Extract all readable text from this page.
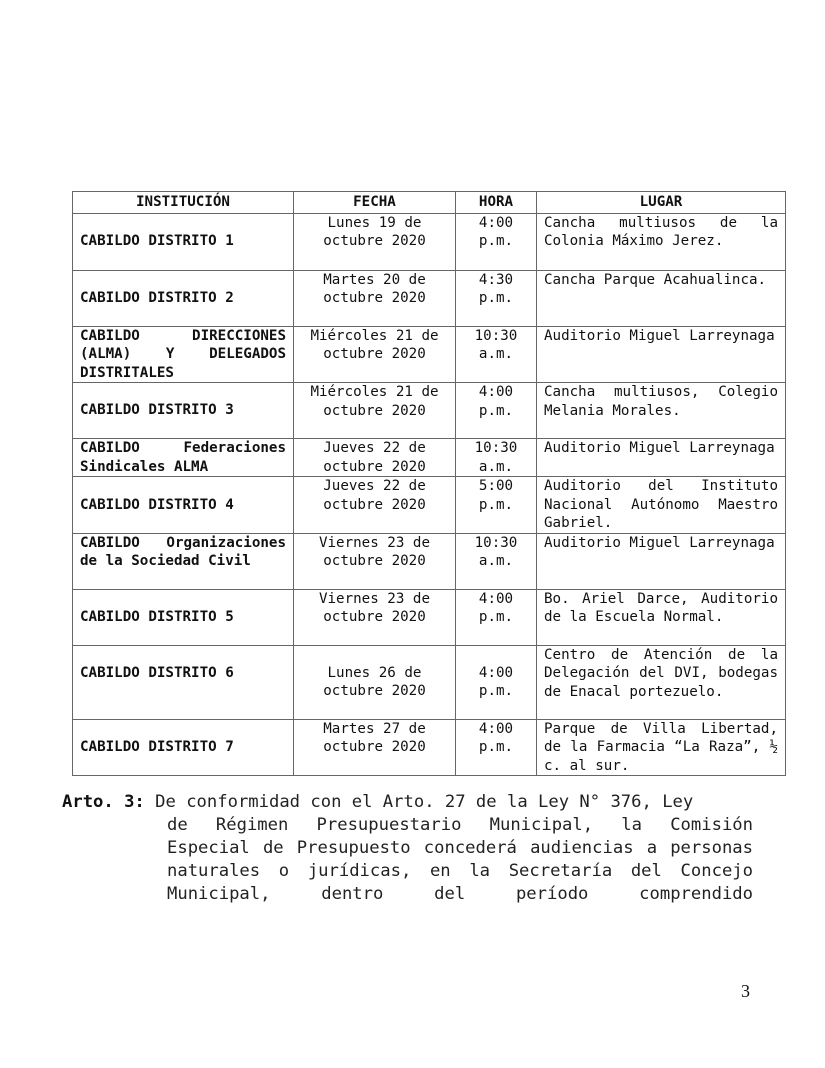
INSTITUCIÓN	FECHA	HORA	LUGAR
CABILDO DISTRITO 1	Lunes 19 de octubre 2020	4:00 p.m.	Cancha multiusos de la Colonia Máximo Jerez.
CABILDO DISTRITO 2	Martes 20 de octubre 2020	4:30 p.m.	Cancha Parque Acahualinca.
CABILDO DIRECCIONES (ALMA) Y DELEGADOS DISTRITALES	Miércoles 21 de octubre 2020	10:30 a.m.	Auditorio Miguel Larreynaga
CABILDO DISTRITO 3	Miércoles 21 de octubre 2020	4:00 p.m.	Cancha multiusos, Colegio Melania Morales.
CABILDO Federaciones Sindicales ALMA	Jueves 22 de octubre 2020	10:30 a.m.	Auditorio Miguel Larreynaga
CABILDO DISTRITO 4	Jueves 22 de octubre 2020	5:00 p.m.	Auditorio del Instituto Nacional Autónomo Maestro Gabriel.
CABILDO Organizaciones de la Sociedad Civil	Viernes 23 de octubre 2020	10:30 a.m.	Auditorio Miguel Larreynaga
CABILDO DISTRITO 5	Viernes 23 de octubre 2020	4:00 p.m.	Bo. Ariel Darce, Auditorio de la Escuela Normal.

CABILDO DISTRITO 6	Lunes 26 de octubre 2020	4:00 p.m.	Centro de Atención de la Delegación del DVI, bodegas de Enacal portezuelo.
CABILDO DISTRITO 7	Martes 27 de octubre 2020	4:00 p.m.	Parque de Villa Libertad, de la Farmacia “La Raza”, ½ c. al sur.
Arto. 3: De conformidad con el Arto. 27 de la Ley N° 376, Ley
de Régimen Presupuestario Municipal, la Comisión Especial de Presupuesto concederá audiencias a personas naturales o jurídicas, en la Secretaría del Concejo Municipal, dentro del período comprendido
3
